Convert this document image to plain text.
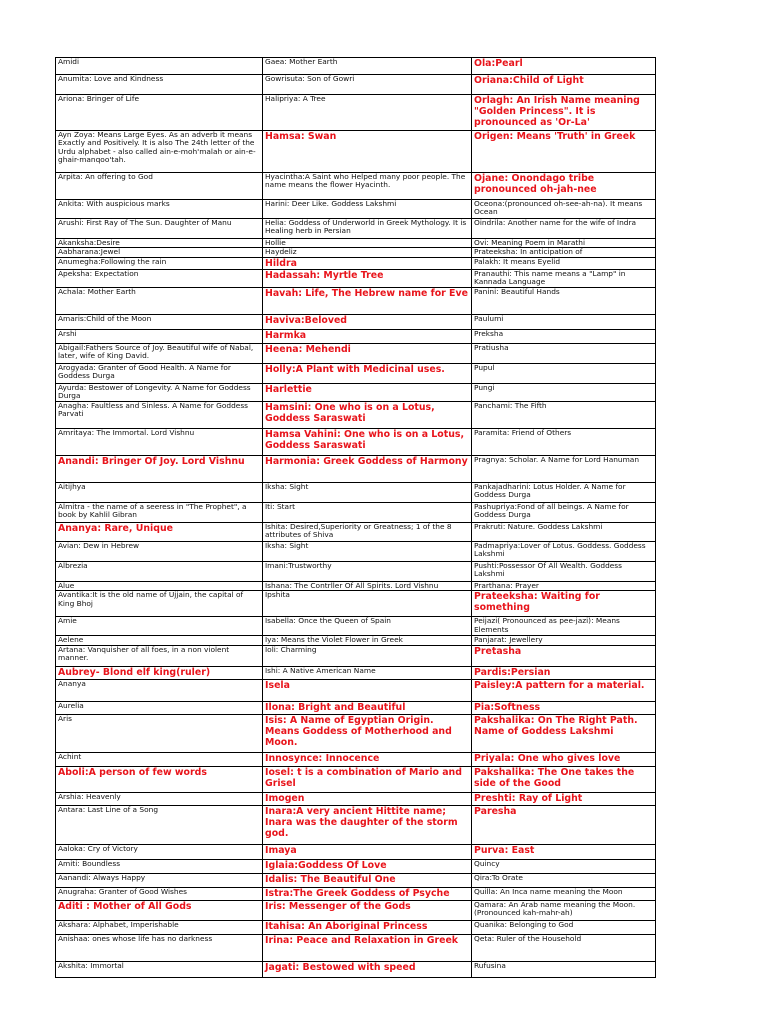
Amidi	Gaea: Mother Earth	Ola:Pearl
Anumita: Love and Kindness	Gowrisuta: Son of Gowri	Oriana:Child of Light
Ariona: Bringer of Life	Halipriya: A Tree	Orlagh: An Irish Name meaning "Golden Princess". It is pronounced as 'Or-La'
Ayn Zoya: Means Large Eyes. As an adverb it means Exactly and Positively. It is also The 24th letter of the Urdu alphabet - also called ain-e-moh'malah or ain-e-ghair-manqoo'tah.	Hamsa: Swan	Origen: Means 'Truth' in Greek
Arpita: An offering to God	Hyacintha:A Saint who Helped many poor people. The name means the flower Hyacinth.	Ojane: Onondago tribe pronounced oh-jah-nee
Ankita: With auspicious marks	Harini: Deer Like. Goddess Lakshmi	Oceona:(pronounced oh-see-ah-na). It means Ocean
Arushi: First Ray of The Sun. Daughter of Manu	Helia: Goddess of Underworld in Greek Mythology. It is Healing herb in Persian	Oindrila: Another name for the wife of Indra
Akanksha:Desire	Hollie	Ovi: Meaning Poem in Marathi
Aabharana:Jewel	Haydeliz	Prateeksha: In anticipation of
Anumegha:Following the rain	Hildra	Palakh: It means Eyelid
Apeksha: Expectation	Hadassah: Myrtle Tree	Pranauthi: This name means a "Lamp" in Kannada Language
Achala: Mother Earth	Havah: Life, The Hebrew name for Eve	Panini: Beautiful Hands
Amaris:Child of the Moon	Haviva:Beloved	Paulumi
Arshi	Harmka	Preksha
Abigail:Fathers Source of Joy. Beautiful wife of Nabal, later, wife of King David.	Heena: Mehendi	Pratiusha
Arogyada: Granter of Good Health. A Name for Goddess Durga	Holly:A Plant with Medicinal uses.	Pupul
Ayurda: Bestower of Longevity. A Name for Goddess Durga	Harlettie	Pungi
Anagha: Faultless and Sinless. A Name for Goddess Parvati	Hamsini: One who is on a Lotus, Goddess Saraswati	Panchami: The Fifth
Amritaya: The Immortal. Lord Vishnu	Hamsa Vahini: One who is on a Lotus, Goddess Saraswati	Paramita: Friend of Others
Anandi: Bringer Of Joy. Lord Vishnu	Harmonia: Greek Goddess of Harmony	Pragnya: Scholar. A Name for Lord Hanuman
Aitijhya	Iksha: Sight	Pankajadharini: Lotus Holder. A Name for Goddess Durga
Almitra - the name of a seeress in "The Prophet", a book by Kahlil Gibran	Iti: Start	Pashupriya:Fond of all beings. A Name for Goddess Durga
Ananya: Rare, Unique	Ishita: Desired,Superiority or Greatness; 1 of the 8 attributes of Shiva	Prakruti: Nature. Goddess Lakshmi
Avian: Dew in Hebrew	Iksha: Sight	Padmapriya:Lover of Lotus. Goddess. Goddess Lakshmi
Albrezia	Imani:Trustworthy	Pushti:Possessor Of All Wealth. Goddess Lakshmi
Alue	Ishana: The Contrller Of All Spirits. Lord Vishnu	Prarthana: Prayer
Avantika:It is the old name of Ujjain, the capital of King Bhoj	Ipshita	Prateeksha: Waiting for something
Amie	Isabella: Once the Queen of Spain	Peijazi( Pronounced as pee-jazi): Means Elements
Aelene	Iya: Means the Violet Flower in Greek	Panjarat: Jewellery
Artana: Vanquisher of all foes, in a non violent manner.	Ioli: Charming	Pretasha
Aubrey- Blond elf king(ruler)	Ishi: A Native American Name	Pardis:Persian
Ananya	Isela	Paisley:A pattern for a material.
Aurelia	Ilona: Bright and Beautiful	Pia:Softness
Aris	Isis: A Name of Egyptian Origin. Means Goddess of Motherhood and Moon.	Pakshalika: On The Right Path. Name of Goddess Lakshmi
Achint	Innosynce: Innocence	Priyala: One who gives love
Aboli:A person of few words	Iosel: t is a combination of Mario and Grisel	Pakshalika: The One takes the side of the Good
Arshia: Heavenly	Imogen	Preshti: Ray of Light
Antara: Last Line of a Song	Inara:A very ancient Hittite name; Inara was the daughter of the storm god.	Paresha
Aaloka: Cry of Victory	Imaya	Purva: East
Amiti: Boundless	Iglaia:Goddess Of Love	Quincy
Aanandi: Always Happy	Idalis: The Beautiful One	Qira:To Orate
Anugraha: Granter of Good Wishes	Istra:The Greek Goddess of Psyche	Quilla: An Inca name meaning the Moon
Aditi : Mother of All Gods	Iris: Messenger of the Gods	Qamara: An Arab name meaning the Moon.(Pronounced kah-mahr-ah)
Akshara: Alphabet, Imperishable	Itahisa: An Aboriginal Princess	Quanika: Belonging to God
Anishaa: ones whose life has no darkness	Irina: Peace and Relaxation in Greek	Qeta: Ruler of the Household
Akshita: Immortal	Jagati: Bestowed with speed	Rufusina
